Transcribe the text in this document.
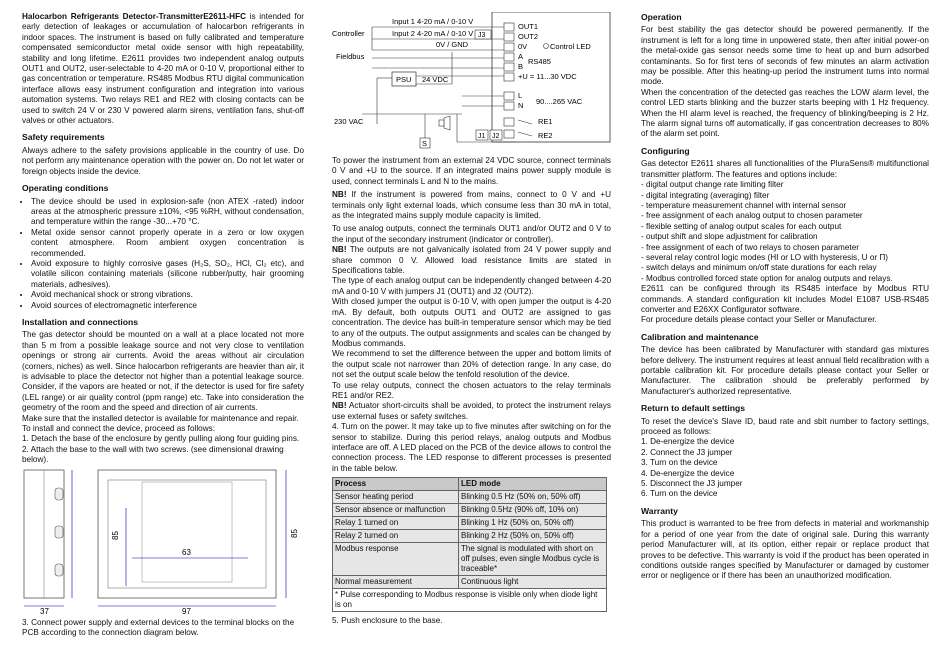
Halocarbon Refrigerants Detector-TransmitterE2611-HFC is intended for early detection of leakages or accumulation of halocarbon refrigerants in indoor spaces. The instrument is based on fully calibrated and temperature compensated semiconductor metal oxide sensor with high repeatability, stability and long lifetime. E2611 provides two independent analog outputs OUT1 and OUT2, user-selectable to 4-20 mA or 0-10 V, proportional either to gas concentration or temperature. RS485 Modbus RTU digital communication interface allows easy instrument configuration and integration into various automation systems. Two relays RE1 and RE2 with closing contacts can be used to switch 24 V or 230 V powered alarm sirens, ventilation fans, shut-off valves or other actuators.

Safety requirements

Always adhere to the safety provisions applicable in the country of use. Do not perform any maintenance operation with the power on. Do not let water or foreign objects inside the device.

Operating conditions
• The device should be used in explosion-safe (non ATEX -rated) indoor areas at the atmospheric pressure ±10%, <95 %RH, without condensation, and temperature within the range -30...+70 °C.
• Metal oxide sensor cannot properly operate in a zero or low oxygen content atmosphere. Room ambient oxygen concentration is recommended.
• Avoid exposure to highly corrosive gases (H₂S, SO₂, HCl, Cl₂ etc), and volatile silicon containing materials (silicone rubber/putty, hair grooming materials, adhesives).
• Avoid mechanical shock or strong vibrations.
• Avoid sources of electromagnetic interference
Installation and connections

The gas detector should be mounted on a wall at a place located not more than 5 m from a possible leakage source and not very close to ventilation openings or strong air currents. Avoid the areas without air circulation (corners, niches) as well. Since halocarbon refrigerants are heavier than air, it is advisable to place the detector not higher than a potential leakage source. Consider, if the vapors are heated or not, if the detector is used for fire safety (LEL range) or air quality control (ppm range) etc. Take into consideration the geometry of the room and the speed and direction of air currents.

Make sure that the installed detector is available for maintenance and repair.
To install and connect the device, proceed as follows:
1. Detach the base of the enclosure by gently pulling along four guiding pins.
2. Attach the base to the wall with two screws. (see dimensional drawing below).
37
63
85	85
97

3. Connect power supply and external devices to the terminal blocks on the PCB according to the connection diagram below.

Controller
Input 1 4-20 mA / 0-10 V
Input 2 4-20 mA / 0-10 V
0V / GND
J3
OUT1
OUT2
0V	Control LED
A
B
RS485
+U = 11...30 VDC
Fieldbus
PSU 24 VDC
230 VAC
L
N 90....265 VAC
RE1
RE2
J1 J2
S

To power the instrument from an external 24 VDC source, connect terminals 0 V and +U to the source. If an integrated mains power supply module is used, connect terminals L and N to the mains.

NB! If the instrument is powered from mains, connect to 0 V and +U terminals only light external loads, which consume less than 30 mA in total, as the integrated mains supply module capacity is limited.

To use analog outputs, connect the terminals OUT1 and/or OUT2 and 0 V to the input of the secondary instrument (indicator or controller).

NB! The outputs are not galvanically isolated from 24 V power supply and share common 0 V. Allowed load resistance limits are stated in Specifications table.

The type of each analog output can be independently changed between 4-20 mA and 0-10 V with jumpers J1 (OUT1) and J2 (OUT2).

With closed jumper the output is 0-10 V, with open jumper the output is 4-20 mA. By default, both outputs OUT1 and OUT2 are assigned to gas concentration. The device has built-in temperature sensor which may be tied to any of the outputs. The output assignments and scales can be changed by Modbus commands.

We recommend to set the difference between the upper and bottom limits of the output scale not narrower than 20% of detection range. In any case, do not set the output scale below the tenfold resolution of the device.

To use relay outputs, connect the chosen actuators to the relay terminals RE1 and/or RE2.

NB! Actuator short-circuits shall be avoided, to protect the instrument relays use external fuses or safety switches.

4. Turn on the power. It may take up to five minutes after switching on for the sensor to stabilize. During this period relays, analog outputs and Modbus interface are off. A LED placed on the PCB of the device allows to control the connection process. The LED response to different processes is presented in the table below.

Process	LED mode
Sensor heating period	Blinking 0.5 Hz (50% on, 50% off)
Sensor absence or malfunction	Blinking 0.5Hz (90% off, 10% on)
Relay 1 turned on	Blinking 1 Hz (50% on, 50% off)
Relay 2 turned on	Blinking 2 Hz (50% on, 50% off)
Modbus response	The signal is modulated with short on off pulses, even single Modbus cycle is traceable*
Normal measurement	Continuous light
* Pulse corresponding to Modbus response is visible only when diode light is on	

5. Push enclosure to the base.

Operation

For best stability the gas detector should be powered permanently. If the instrument is left for a long time in unpowered state, then after initial power-on the metal-oxide gas sensor needs some time to heat up and burn adsorbed contaminants. So for first tens of seconds of few minutes an alarm activation may be possible. After this heating-up period the instrument turns into normal mode.

When the concentration of the detected gas reaches the LOW alarm level, the control LED starts blinking and the buzzer starts beeping with 1 Hz frequency. When the HI alarm level is reached, the frequency of blinking/beeping is 2 Hz. The alarm signal turns off automatically, if gas concentration decreases to 80% of the alarm set point.

Configuring

Gas detector E2611 shares all functionalities of the PluraSens® multifunctional transmitter platform. The features and options include:

- digital output change rate limiting filter
- digital integrating (averaging) filter
- temperature measurement channel with internal sensor
- free assignment of each analog output to chosen parameter
- flexible setting of analog output scales for each output
- output shift and slope adjustment for calibration
- free assignment of each of two relays to chosen parameter
- several relay control logic modes (HI or LO with hysteresis, U or П)
- switch delays and minimum on/off state durations for each relay
- Modbus controlled forced state option for analog outputs and relays.

E2611 can be configured through its RS485 interface by Modbus RTU commands. A standard configuration kit includes Model E1087 USB-RS485 converter and E26XX Configurator software.

For procedure details please contact your Seller or Manufacturer.

Calibration and maintenance

The device has been calibrated by Manufacturer with standard gas mixtures before delivery. The instrument requires at least annual field recalibration with a portable calibration kit. For procedure details please contact your Seller or Manufacturer. The calibration should be preferably performed by Manufacturer's authorized representative.

Return to default settings

To reset the device's Slave ID, baud rate and sbit number to factory settings, proceed as follows:

1. De-energize the device
2. Connect the J3 jumper
3. Turn on the device
4. De-energize the device
5. Disconnect the J3 jumper
6. Turn on the device
Warranty

This product is warranted to be free from defects in material and workmanship for a period of one year from the date of original sale. During this warranty period Manufacturer will, at its option, either repair or replace product that proves to be defective. This warranty is void if the product has been operated in conditions outside ranges specified by Manufacturer or damaged by customer error or negligence or if there has been an unauthorized modification.
